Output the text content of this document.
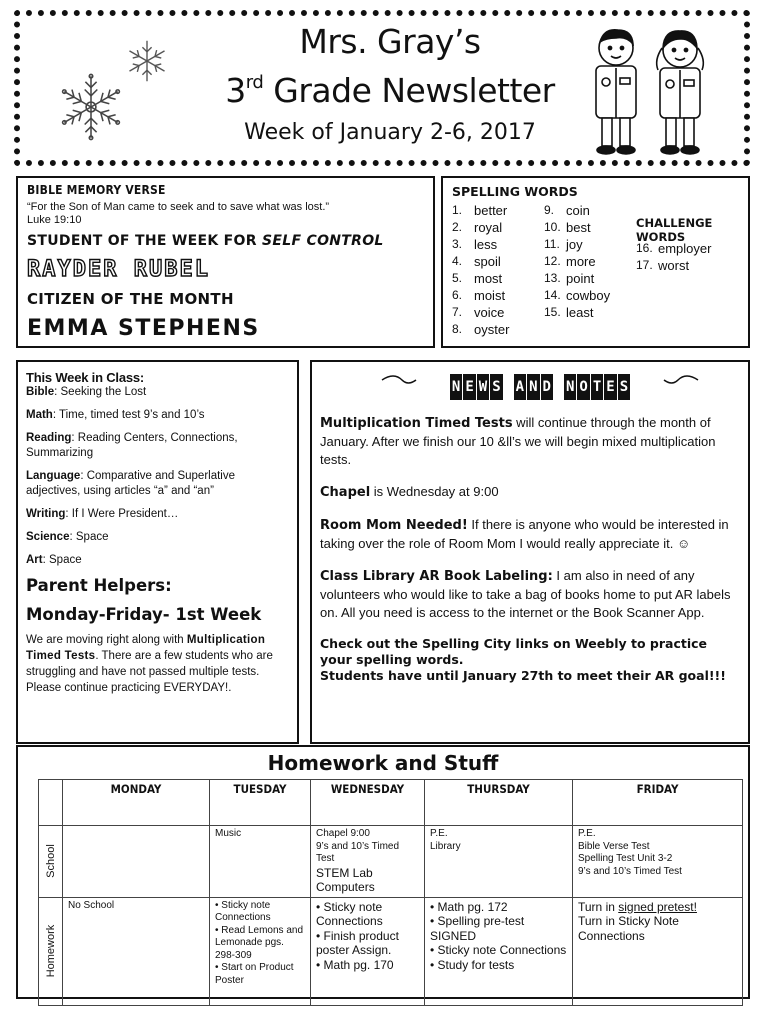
Mrs. Gray’s
3rd Grade Newsletter
Week of January 2-6, 2017
BIBLE MEMORY VERSE
“For the Son of Man came to seek and to save what was lost.”
Luke 19:10
STUDENT OF THE WEEK FOR SELF CONTROL
RAYDER RUBEL
CITIZEN OF THE MONTH
EMMA STEPHENS
SPELLING WORDS
1. better
2. royal
3. less
4. spoil
5. most
6. moist
7. voice
8. oyster
9. coin
10. best
11. joy
12. more
13. point
14. cowboy
15. least
CHALLENGE WORDS
16. employer
17. worst
This Week in Class:
Bible: Seeking the Lost
Math: Time, timed test 9’s and 10’s
Reading: Reading Centers, Connections, Summarizing
Language: Comparative and Superlative adjectives, using articles “a” and “an”
Writing: If I Were President…
Science: Space
Art: Space
Parent Helpers:
Monday-Friday- 1st Week
We are moving right along with Multiplication Timed Tests. There are a few students who are struggling and have not passed multiple tests. Please continue practicing EVERYDAY!.
N E W S A N D N O T E S
Multiplication Timed Tests will continue through the month of January. After we finish our 10 &ll’s we will begin mixed multiplication tests.
Chapel is Wednesday at 9:00
Room Mom Needed! If there is anyone who would be interested in taking over the role of Room Mom I would really appreciate it. ☺
Class Library AR Book Labeling: I am also in need of any volunteers who would like to take a bag of books home to put AR labels on. All you need is access to the internet or the Book Scanner App.
Check out the Spelling City links on Weebly to practice your spelling words.
Students have until January 27th to meet their AR goal!!!
Homework and Stuff
	MONDAY	TUESDAY	WEDNESDAY	THURSDAY	FRIDAY

School		Music	Chapel 9:00
9’s and 10’s Timed Test
STEM Lab
Computers	P.E.
Library	P.E.
Bible Verse Test
Spelling Test Unit 3-2
9’s and 10’s Timed Test

Homework	No School	• Sticky note Connections
• Read Lemons and Lemonade pgs. 298-309
• Start on Product Poster	• Sticky note Connections
• Finish product poster Assign.
• Math pg. 170	• Math pg. 172
• Spelling pre-test SIGNED
• Sticky note Connections
• Study for tests	Turn in signed pretest!
Turn in Sticky Note Connections
